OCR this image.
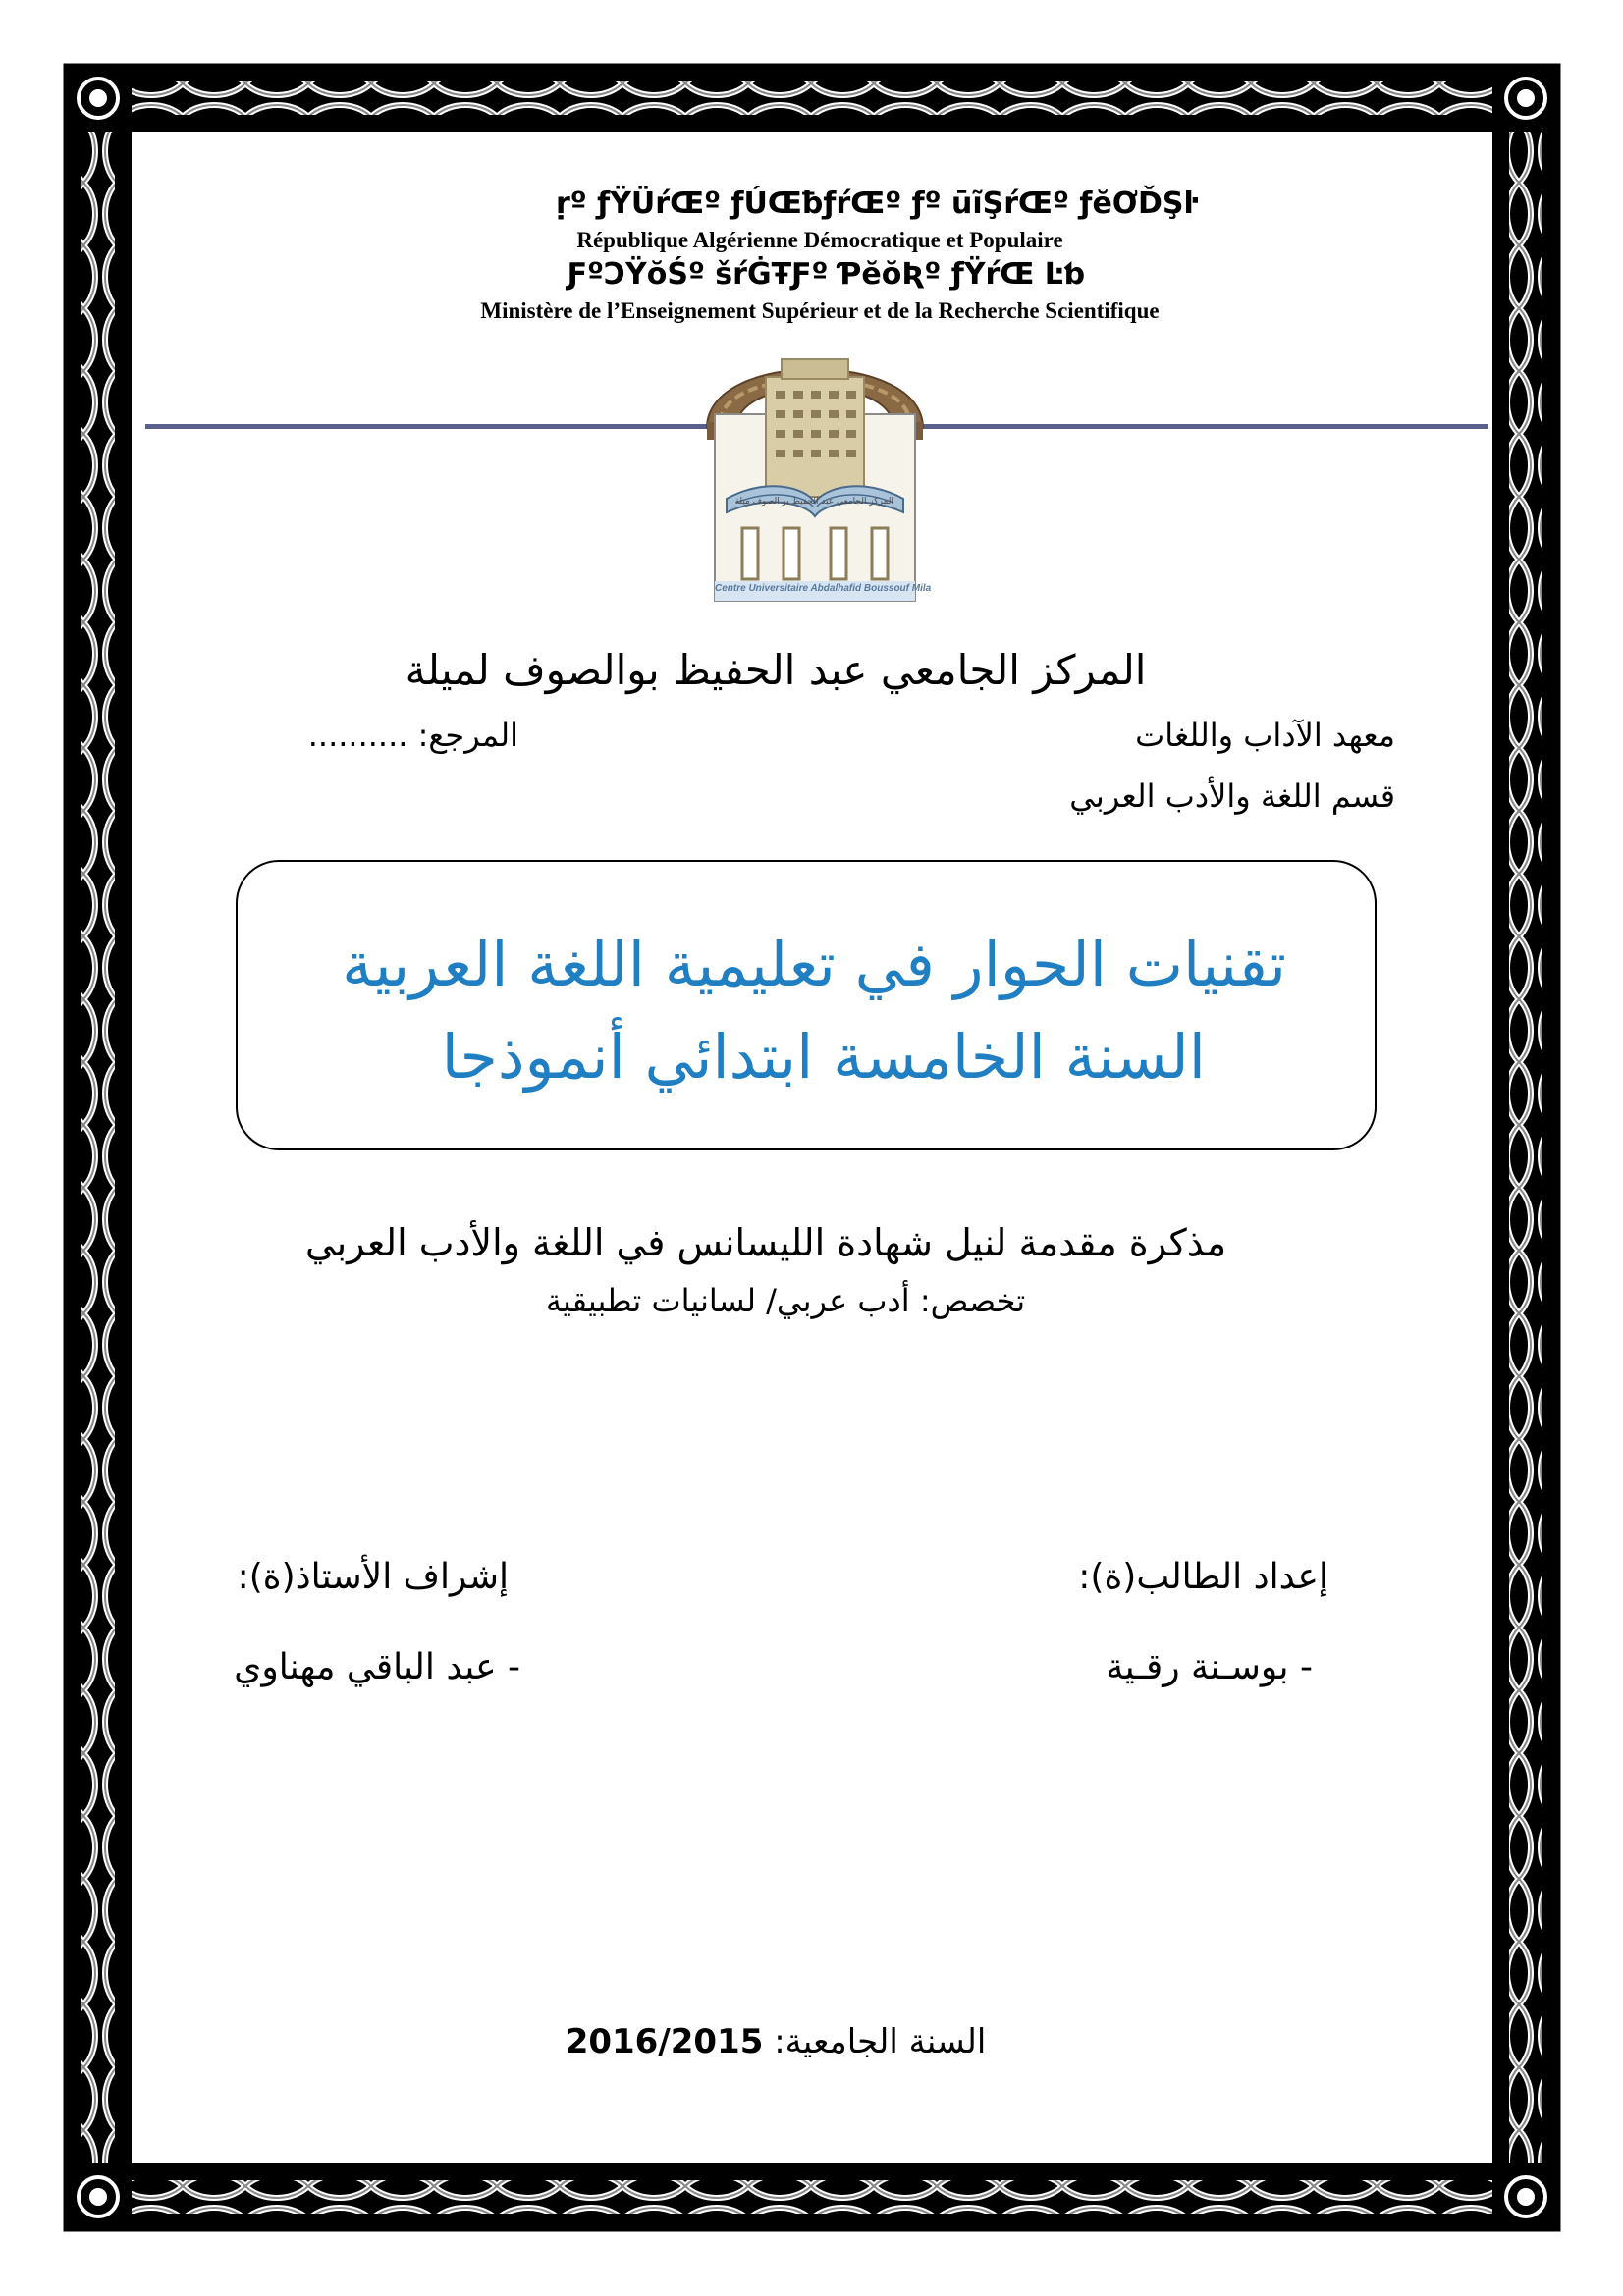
ṛº ƒŸÜŕŒº ƒÚŒƀƒŕŒº ƒº ūĩŞŕŒº ƒĕƠĎŞŀ
République Algérienne Démocratique et Populaire
ƑºƆŸŏŚº šŕĠŦƑº ƤĕŏƦº ƒŸŕŒ Ŀƅ
Ministère de l’Enseignement Supérieur et de la Recherche Scientifique
المركز الجامعي عبد الحفيظ بو الصوف ميلة
Centre Universitaire Abdalhafid Boussouf Mila
المركز الجامعي عبد الحفيظ بوالصوف لميلة
معهد الآداب واللغات
المرجع: ..........
قسم اللغة والأدب العربي
تقنيات الحوار في تعليمية اللغة العربية
السنة الخامسة ابتدائي أنموذجا
مذكرة مقدمة لنيل شهادة الليسانس في اللغة والأدب العربي
تخصص: أدب عربي/ لسانيات تطبيقية
إعداد الطالب(ة):
- بوسـنة رقـية
إشراف الأستاذ(ة):
- عبد الباقي مهناوي
السنة الجامعية: 2016/2015
